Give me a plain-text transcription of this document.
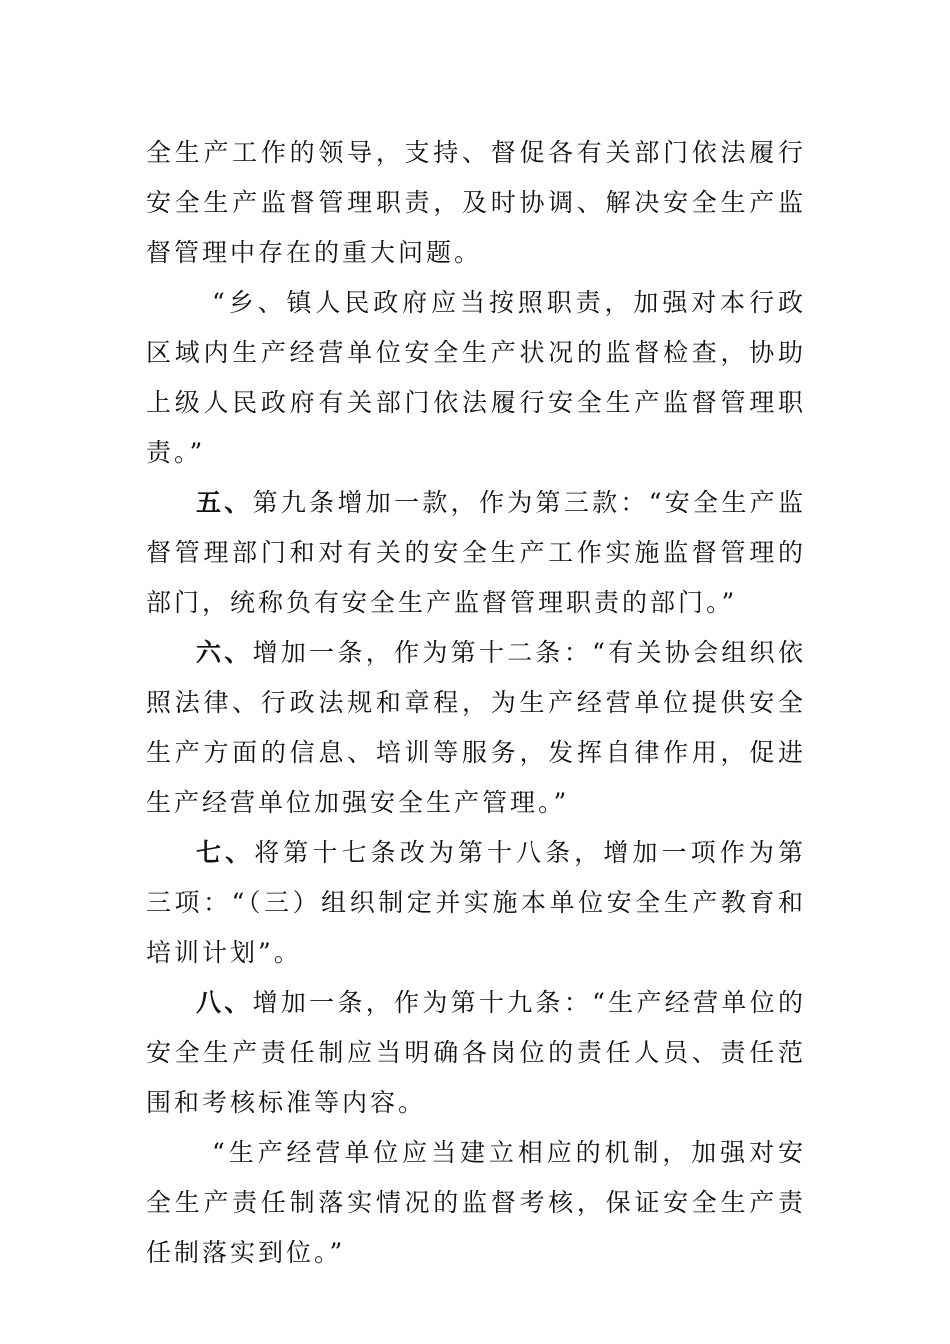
全生产工作的领导，支持、督促各有关部门依法履行安全生产监督管理职责，及时协调、解决安全生产监督管理中存在的重大问题。

“乡、镇人民政府应当按照职责，加强对本行政区域内生产经营单位安全生产状况的监督检查，协助上级人民政府有关部门依法履行安全生产监督管理职责。”

五、第九条增加一款，作为第三款：“安全生产监督管理部门和对有关的安全生产工作实施监督管理的部门，统称负有安全生产监督管理职责的部门。”

六、增加一条，作为第十二条：“有关协会组织依照法律、行政法规和章程，为生产经营单位提供安全生产方面的信息、培训等服务，发挥自律作用，促进生产经营单位加强安全生产管理。”

七、将第十七条改为第十八条，增加一项作为第三项：“（三）组织制定并实施本单位安全生产教育和培训计划”。

八、增加一条，作为第十九条：“生产经营单位的安全生产责任制应当明确各岗位的责任人员、责任范围和考核标准等内容。

“生产经营单位应当建立相应的机制，加强对安全生产责任制落实情况的监督考核，保证安全生产责任制落实到位。”
